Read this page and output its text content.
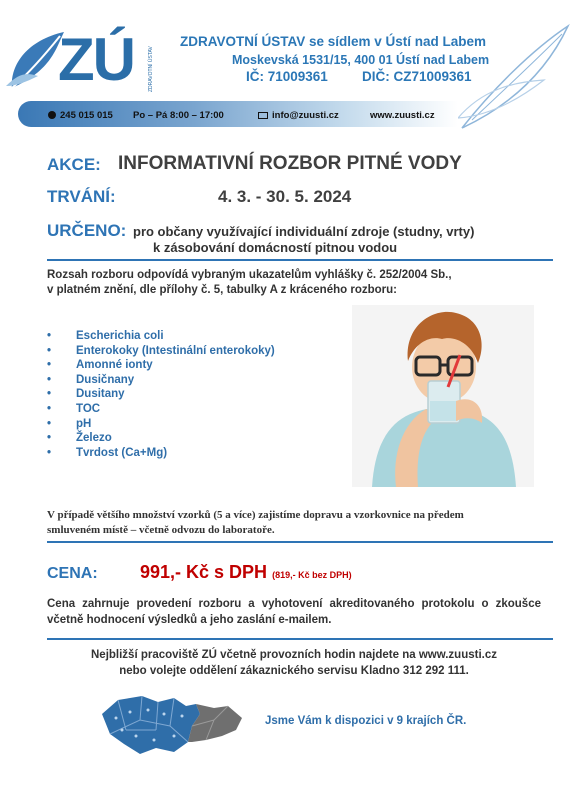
ZÚ	ZDRAVOTNÍ ÚSTAV
ZDRAVOTNÍ ÚSTAV se sídlem v Ústí nad Labem
Moskevská 1531/15, 400 01 Ústí nad Labem
IČ: 71009361	DIČ: CZ71009361
245 015 015 Po – Pá 8:00 – 17:00	info@zuusti.cz	www.zuusti.cz
AKCE: INFORMATIVNÍ ROZBOR PITNÉ VODY
TRVÁNÍ:	4. 3. - 30. 5. 2024
URČENO: pro občany využívající individuální zdroje (studny, vrty)
k zásobování domácností pitnou vodou
Rozsah rozboru odpovídá vybraným ukazatelům vyhlášky č. 252/2004 Sb.,
v platném znění, dle přílohy č. 5, tabulky A z kráceného rozboru:
• Escherichia coli
• Enterokoky (Intestinální enterokoky)
• Amonné ionty
• Dusičnany
• Dusitany
• TOC
• pH
• Železo
• Tvrdost (Ca+Mg)
V případě většího množství vzorků (5 a více) zajistíme dopravu a vzorkovnice na předem
smluveném místě – včetně odvozu do laboratoře.
CENA: 991,- Kč s DPH (819,- Kč bez DPH)
Cena zahrnuje provedení rozboru a vyhotovení akreditovaného protokolu o zkoušce včetně hodnocení výsledků a jeho zaslání e-mailem.
Nejbližší pracoviště ZÚ včetně provozních hodin najdete na www.zuusti.cz
nebo volejte oddělení zákaznického servisu Kladno 312 292 111.
Jsme Vám k dispozici v 9 krajích ČR.
